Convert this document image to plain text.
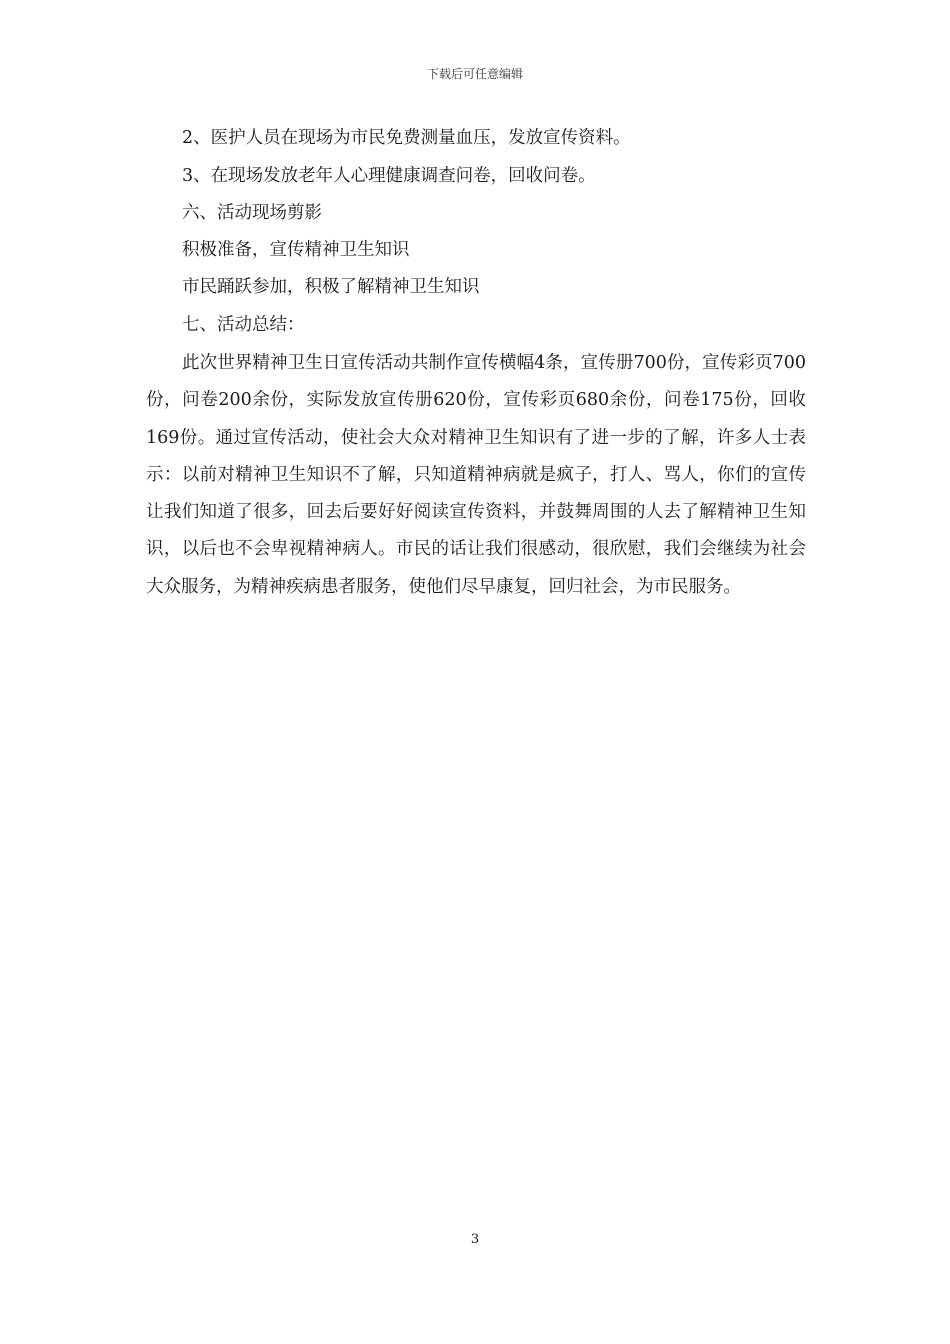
下载后可任意编辑
2、医护人员在现场为市民免费测量血压，发放宣传资料。
3、在现场发放老年人心理健康调查问卷，回收问卷。
六、活动现场剪影
积极准备，宣传精神卫生知识
市民踊跃参加，积极了解精神卫生知识
七、活动总结：

此次世界精神卫生日宣传活动共制作宣传横幅4条，宣传册700份，宣传彩页700份，问卷200余份，实际发放宣传册620份，宣传彩页680余份，问卷175份，回收169份。通过宣传活动，使社会大众对精神卫生知识有了进一步的了解，许多人士表示：以前对精神卫生知识不了解，只知道精神病就是疯子，打人、骂人，你们的宣传让我们知道了很多，回去后要好好阅读宣传资料，并鼓舞周围的人去了解精神卫生知识，以后也不会卑视精神病人。市民的话让我们很感动，很欣慰，我们会继续为社会大众服务，为精神疾病患者服务，使他们尽早康复，回归社会，为市民服务。

3
